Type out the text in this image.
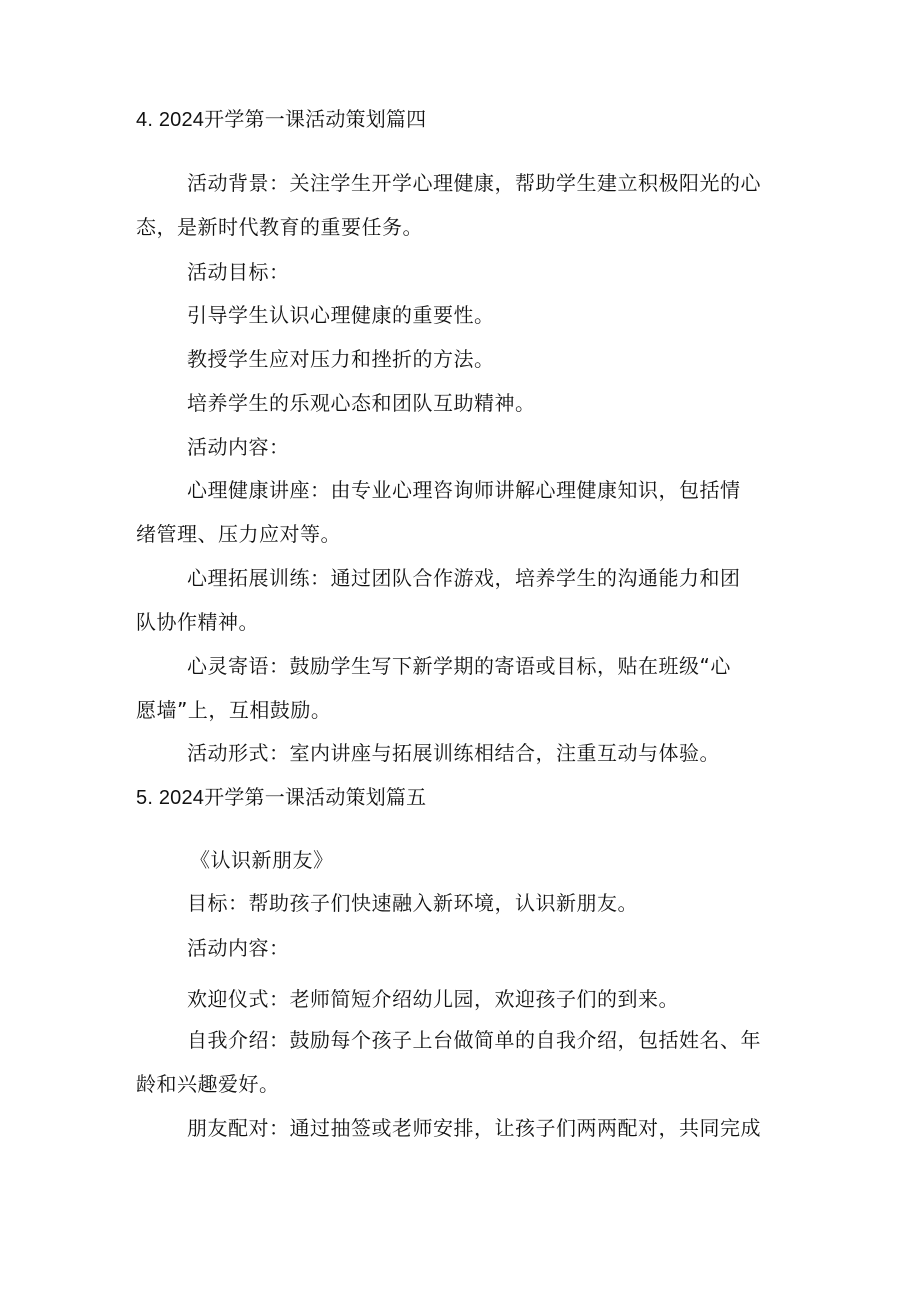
4. 2024开学第一课活动策划篇四
活动背景：关注学生开学心理健康，帮助学生建立积极阳光的心
态，是新时代教育的重要任务。
活动目标：
引导学生认识心理健康的重要性。
教授学生应对压力和挫折的方法。
培养学生的乐观心态和团队互助精神。
活动内容：
心理健康讲座：由专业心理咨询师讲解心理健康知识，包括情
绪管理、压力应对等。
心理拓展训练：通过团队合作游戏，培养学生的沟通能力和团
队协作精神。
心灵寄语：鼓励学生写下新学期的寄语或目标，贴在班级“心
愿墙”上，互相鼓励。
活动形式：室内讲座与拓展训练相结合，注重互动与体验。
5. 2024开学第一课活动策划篇五
《认识新朋友》
目标：帮助孩子们快速融入新环境，认识新朋友。
活动内容：
欢迎仪式：老师简短介绍幼儿园，欢迎孩子们的到来。
自我介绍：鼓励每个孩子上台做简单的自我介绍，包括姓名、年
龄和兴趣爱好。
朋友配对：通过抽签或老师安排，让孩子们两两配对，共同完成
